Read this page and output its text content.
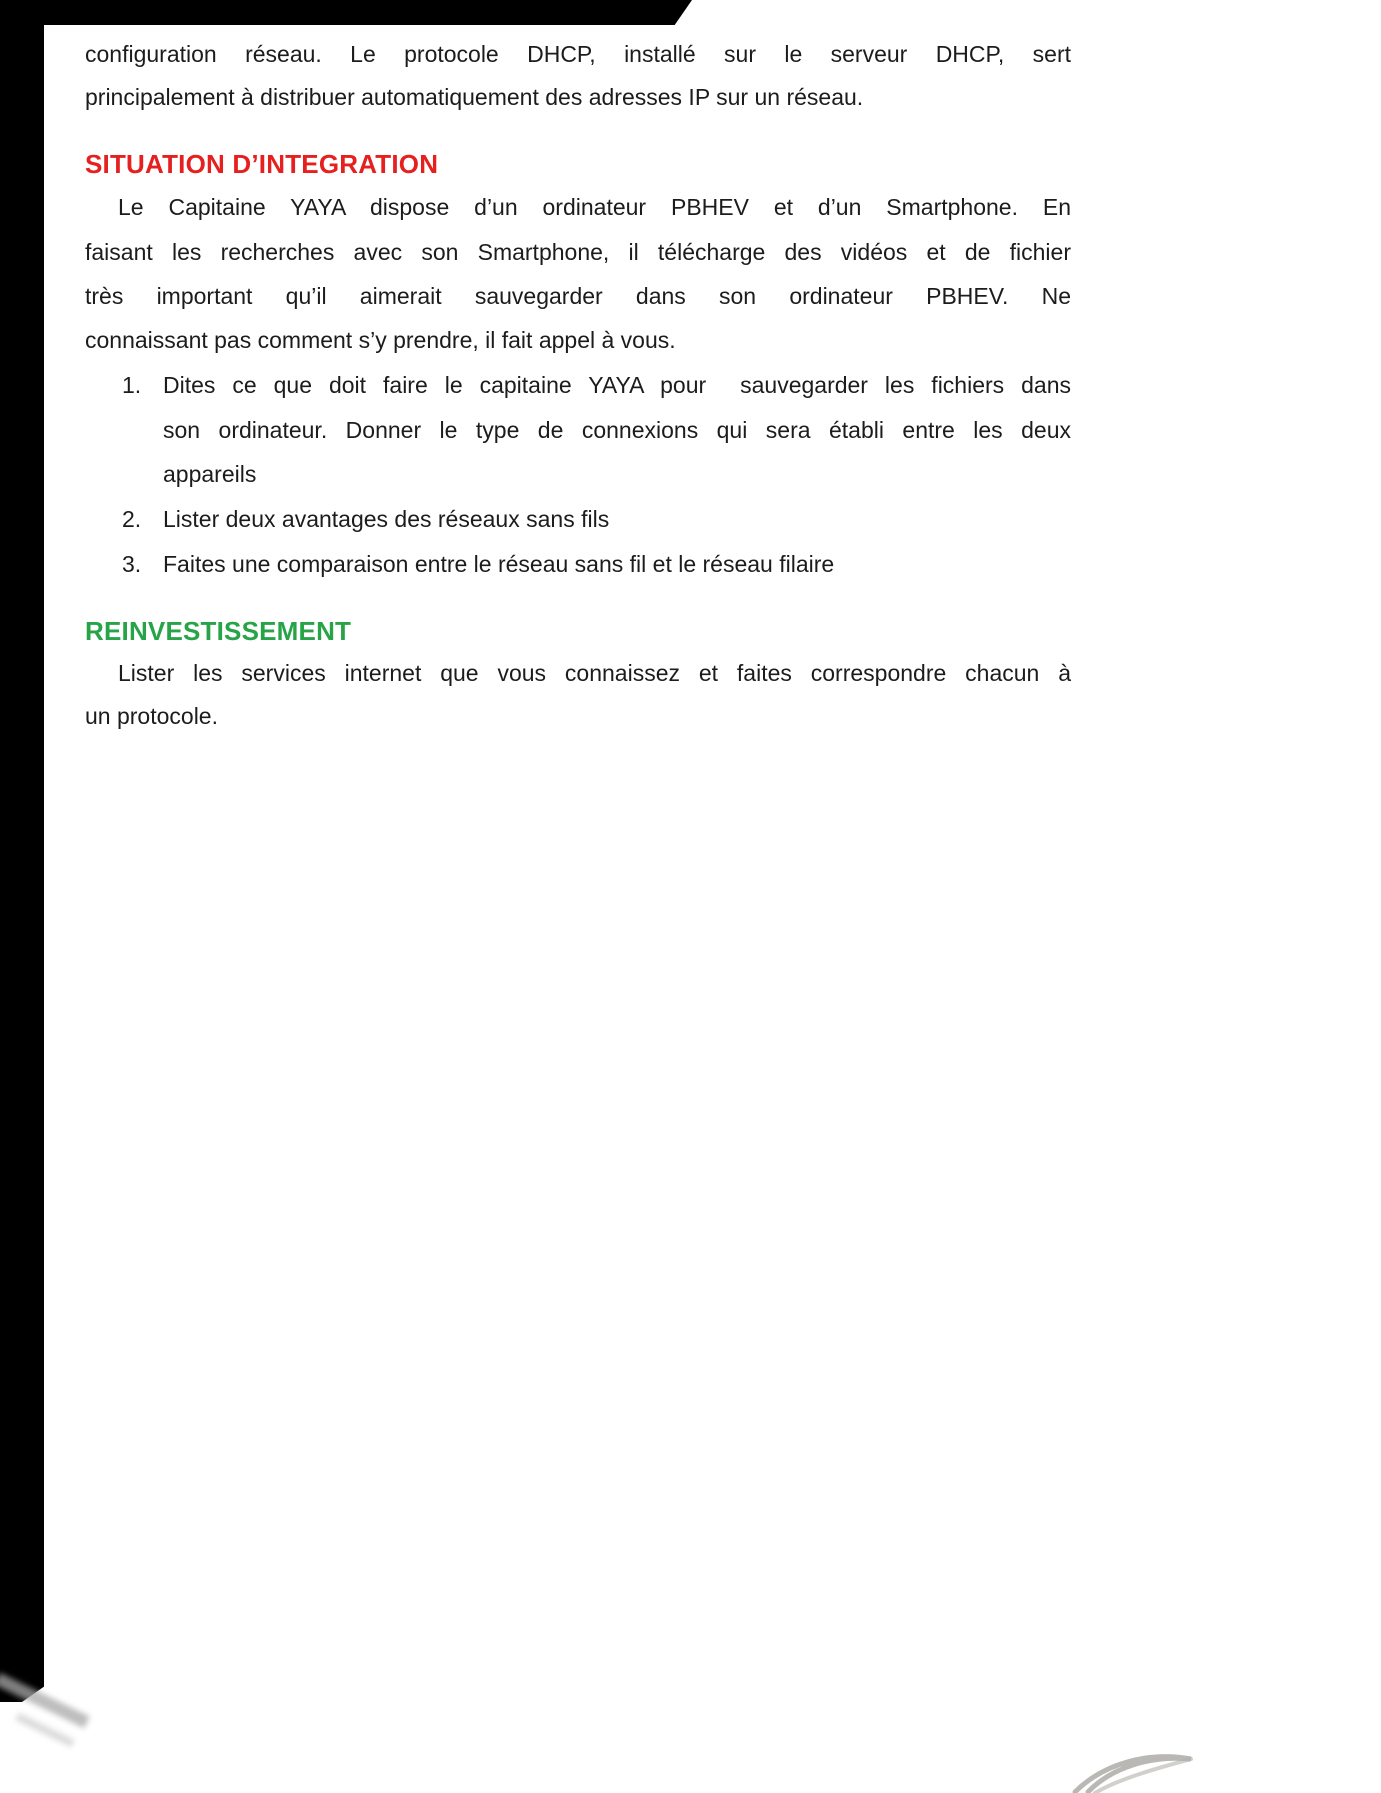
configuration réseau. Le protocole DHCP, installé sur le serveur DHCP, sert
principalement à distribuer automatiquement des adresses IP sur un réseau.
SITUATION D’INTEGRATION
Le Capitaine YAYA dispose d’un ordinateur PBHEV et d’un Smartphone. En
faisant les recherches avec son Smartphone, il télécharge des vidéos et de fichier
très important qu’il aimerait sauvegarder dans son ordinateur PBHEV. Ne
connaissant pas comment s’y prendre, il fait appel à vous.
1. Dites ce que doit faire le capitaine YAYA pour  sauvegarder les fichiers dans
son ordinateur. Donner le type de connexions qui sera établi entre les deux
appareils
2. Lister deux avantages des réseaux sans fils
3. Faites une comparaison entre le réseau sans fil et le réseau filaire
REINVESTISSEMENT
Lister les services internet que vous connaissez et faites correspondre chacun à
un protocole.
